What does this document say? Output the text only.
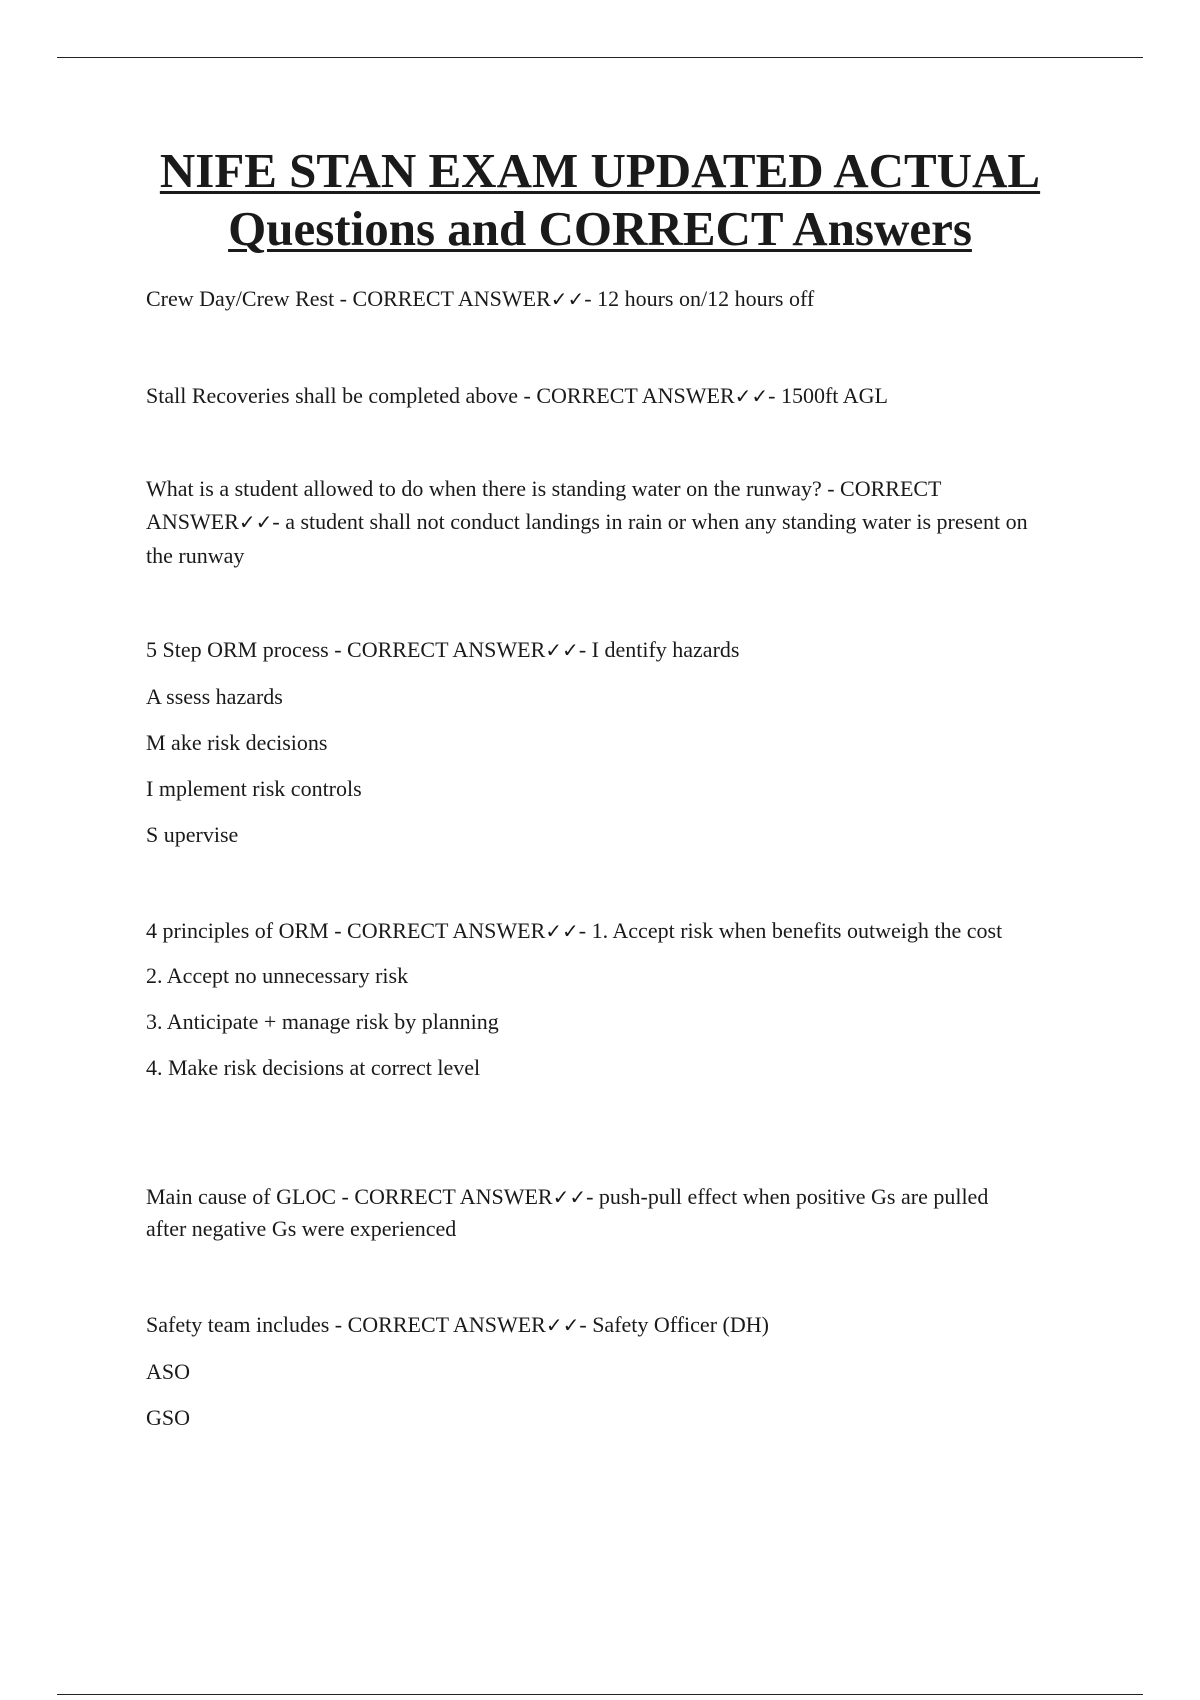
NIFE STAN EXAM UPDATED ACTUAL
Questions and CORRECT Answers

Crew Day/Crew Rest - CORRECT ANSWER✓✓- 12 hours on/12 hours off

Stall Recoveries shall be completed above - CORRECT ANSWER✓✓- 1500ft AGL

What is a student allowed to do when there is standing water on the runway? - CORRECT ANSWER✓✓- a student shall not conduct landings in rain or when any standing water is present on the runway

5 Step ORM process - CORRECT ANSWER✓✓- I dentify hazards
A ssess hazards
M ake risk decisions
I mplement risk controls
S upervise
4 principles of ORM - CORRECT ANSWER✓✓- 1. Accept risk when benefits outweigh the cost
2. Accept no unnecessary risk
3. Anticipate + manage risk by planning
4. Make risk decisions at correct level

Main cause of GLOC - CORRECT ANSWER✓✓- push-pull effect when positive Gs are pulled after negative Gs were experienced

Safety team includes - CORRECT ANSWER✓✓- Safety Officer (DH)
ASO
GSO
